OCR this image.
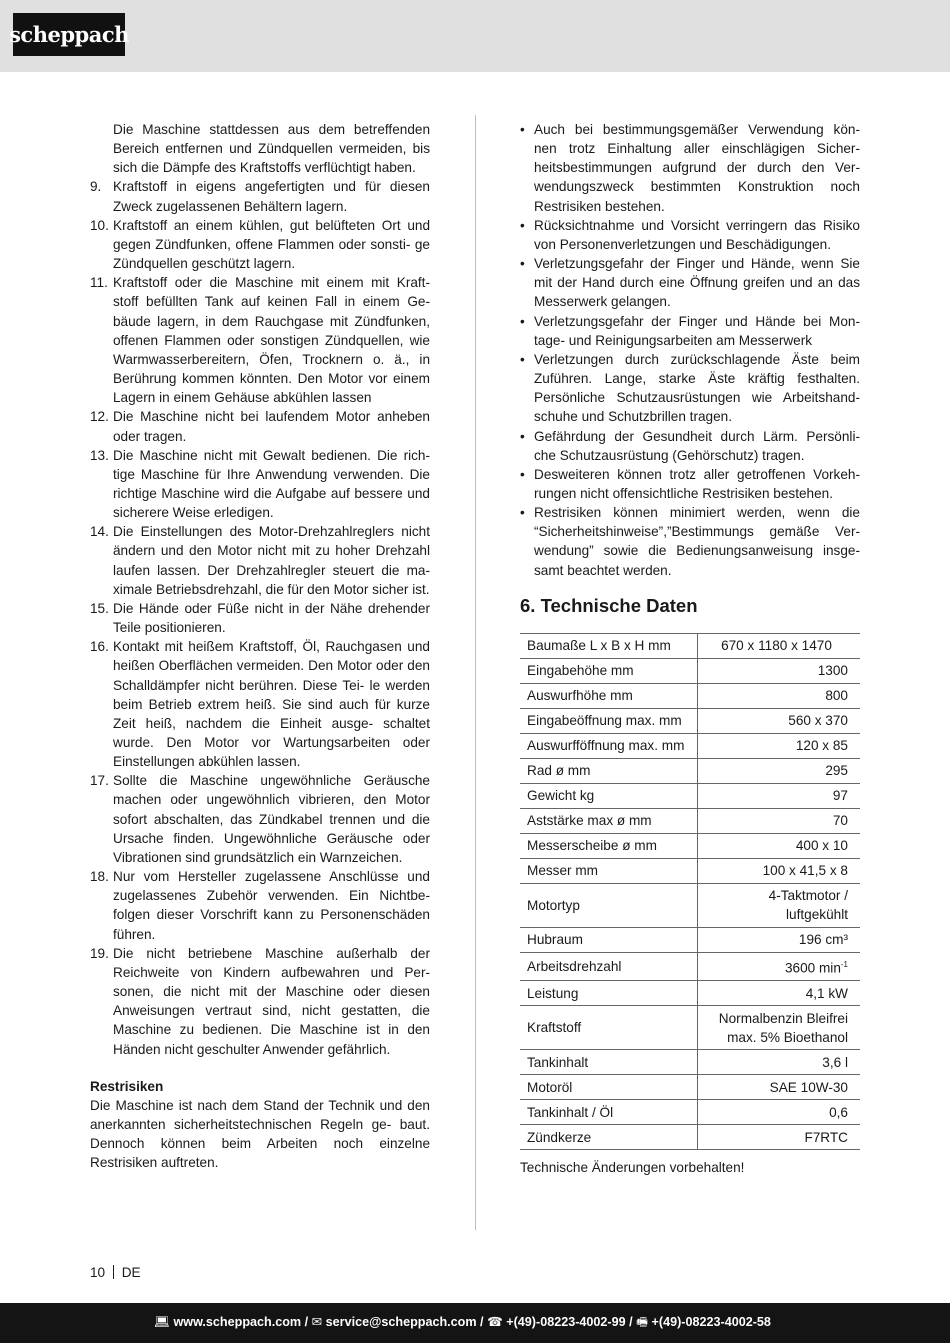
scheppach

Die Maschine stattdessen aus dem betreffenden Bereich entfernen und Zündquellen vermeiden, bis sich die Dämpfe des Kraftstoffs verflüchtigt haben.

9. Kraftstoff in eigens angefertigten und für diesen Zweck zugelassenen Behältern lagern.
10. Kraftstoff an einem kühlen, gut belüfteten Ort und gegen Zündfunken, offene Flammen oder sonsti- ge Zündquellen geschützt lagern.
11. Kraftstoff oder die Maschine mit einem mit Kraft- stoff befüllten Tank auf keinen Fall in einem Ge- bäude lagern, in dem Rauchgase mit Zündfunken, offenen Flammen oder sonstigen Zündquellen, wie Warmwasserbereitern, Öfen, Trocknern o. ä., in Berührung kommen könnten. Den Motor vor einem Lagern in einem Gehäuse abkühlen lassen
12. Die Maschine nicht bei laufendem Motor anheben oder tragen.
13. Die Maschine nicht mit Gewalt bedienen. Die rich- tige Maschine für Ihre Anwendung verwenden. Die richtige Maschine wird die Aufgabe auf bessere und sicherere Weise erledigen.
14. Die Einstellungen des Motor-Drehzahlreglers nicht ändern und den Motor nicht mit zu hoher Drehzahl laufen lassen. Der Drehzahlregler steuert die ma- ximale Betriebsdrehzahl, die für den Motor sicher ist.
15. Die Hände oder Füße nicht in der Nähe drehender Teile positionieren.
16. Kontakt mit heißem Kraftstoff, Öl, Rauchgasen und heißen Oberflächen vermeiden. Den Motor oder den Schalldämpfer nicht berühren. Diese Tei- le werden beim Betrieb extrem heiß. Sie sind auch für kurze Zeit heiß, nachdem die Einheit ausge- schaltet wurde. Den Motor vor Wartungsarbeiten oder Einstellungen abkühlen lassen.
17. Sollte die Maschine ungewöhnliche Geräusche machen oder ungewöhnlich vibrieren, den Motor sofort abschalten, das Zündkabel trennen und die Ursache finden. Ungewöhnliche Geräusche oder Vibrationen sind grundsätzlich ein Warnzeichen.
18. Nur vom Hersteller zugelassene Anschlüsse und zugelassenes Zubehör verwenden. Ein Nichtbe- folgen dieser Vorschrift kann zu Personenschäden führen.
19. Die nicht betriebene Maschine außerhalb der Reichweite von Kindern aufbewahren und Per- sonen, die nicht mit der Maschine oder diesen Anweisungen vertraut sind, nicht gestatten, die Maschine zu bedienen. Die Maschine ist in den Händen nicht geschulter Anwender gefährlich.
Restrisiken

Die Maschine ist nach dem Stand der Technik und den anerkannten sicherheitstechnischen Regeln ge- baut. Dennoch können beim Arbeiten noch einzelne Restrisiken auftreten.

• Auch bei bestimmungsgemäßer Verwendung kön- nen trotz Einhaltung aller einschlägigen Sicher- heitsbestimmungen aufgrund der durch den Ver- wendungszweck bestimmten Konstruktion noch Restrisiken bestehen.
• Rücksichtnahme und Vorsicht verringern das Risiko von Personenverletzungen und Beschädigungen.
• Verletzungsgefahr der Finger und Hände, wenn Sie mit der Hand durch eine Öffnung greifen und an das Messerwerk gelangen.
• Verletzungsgefahr der Finger und Hände bei Mon- tage- und Reinigungsarbeiten am Messerwerk
• Verletzungen durch zurückschlagende Äste beim Zuführen. Lange, starke Äste kräftig festhalten. Persönliche Schutzausrüstungen wie Arbeitshand- schuhe und Schutzbrillen tragen.
• Gefährdung der Gesundheit durch Lärm. Persönli- che Schutzausrüstung (Gehörschutz) tragen.
• Desweiteren können trotz aller getroffenen Vorkeh- rungen nicht offensichtliche Restrisiken bestehen.
• Restrisiken können minimiert werden, wenn die “Sicherheitshinweise”,”Bestimmungs gemäße Ver- wendung” sowie die Bedienungsanweisung insge- samt beachtet werden.
6. Technische Daten
Baumaße L x B x H mm	670 x 1180 x 1470
Eingabehöhe mm	1300
Auswurfhöhe mm	800
Eingabeöffnung max. mm	560 x 370
Auswurfföffnung max. mm	120 x 85
Rad ø mm	295
Gewicht kg	97
Aststärke max ø mm	70
Messerscheibe ø mm	400 x 10
Messer mm	100 x 41,5 x 8
Motortyp	4-Taktmotor / luftgekühlt
Hubraum	196 cm³
Arbeitsdrehzahl	3600 $\min^{-1}$
Leistung	4,1 kW
Kraftstoff	Normalbenzin Bleifrei max. 5% Bioethanol
Tankinhalt	3,6 l
Motoröl	SAE 10W-30
Tankinhalt / Öl	0,6
Zündkerze	F7RTC
Technische Änderungen vorbehalten!
10 DE
💻︎ www.scheppach.com / ✉︎ service@scheppach.com / ☎︎ +(49)-08223-4002-99 / 🖷︎ +(49)-08223-4002-58
